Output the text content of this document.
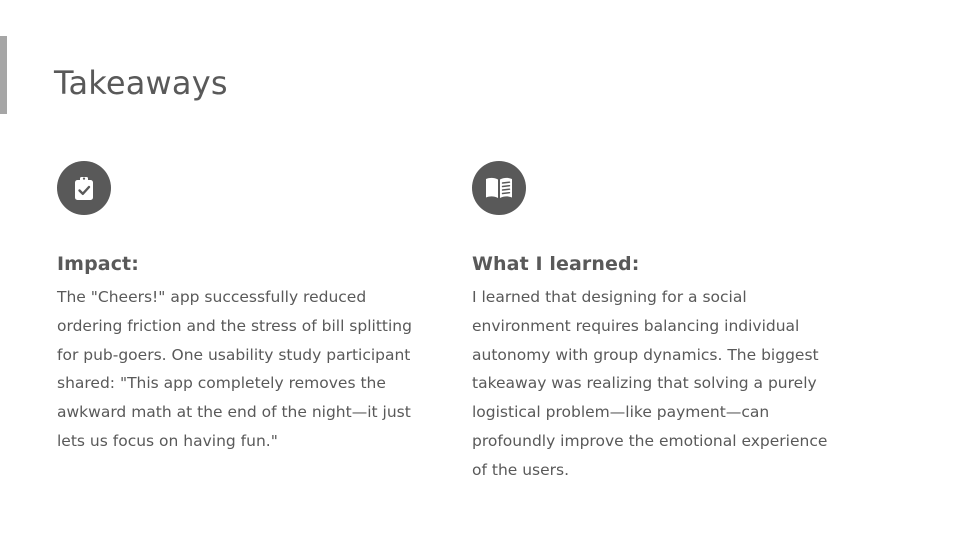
Takeaways
Impact:

The "Cheers!" app successfully reduced
ordering friction and the stress of bill splitting
for pub-goers. One usability study participant
shared: "This app completely removes the
awkward math at the end of the night—it just
lets us focus on having fun."

What I learned:

I learned that designing for a social
environment requires balancing individual
autonomy with group dynamics. The biggest
takeaway was realizing that solving a purely
logistical problem—like payment—can
profoundly improve the emotional experience
of the users.
